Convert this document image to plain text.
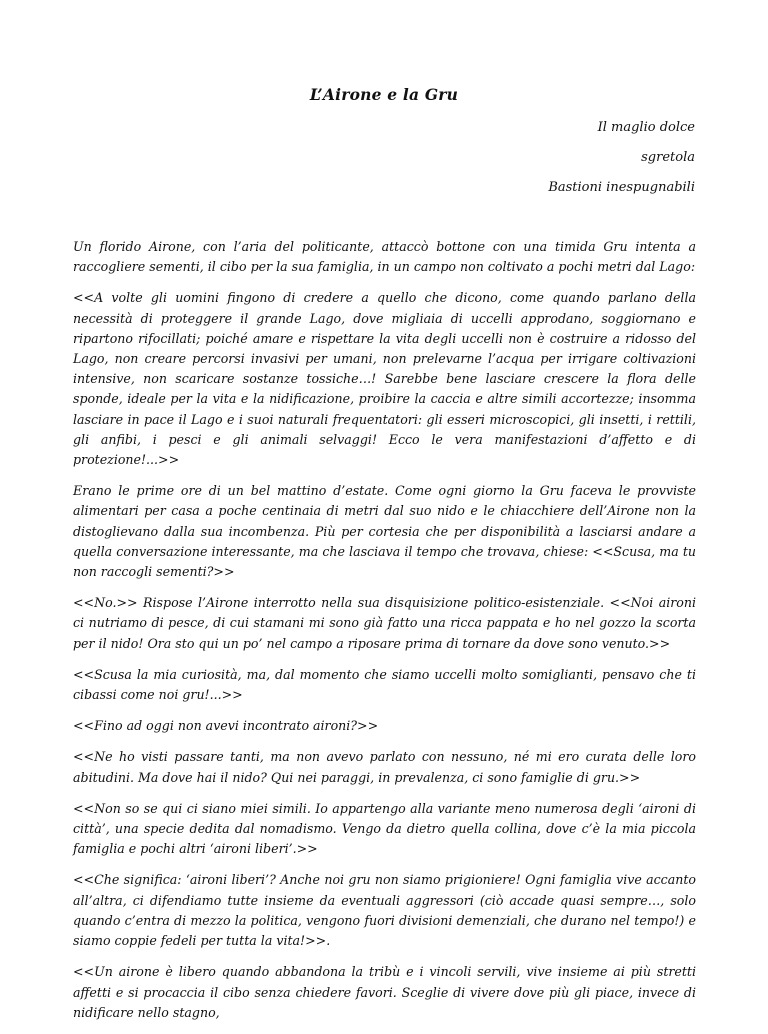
L’Airone e la Gru
Il maglio dolce
sgretola
Bastioni inespugnabili

Un florido Airone, con l’aria del politicante, attaccò bottone con una timida Gru intenta a raccogliere sementi, il cibo per la sua famiglia, in un campo non coltivato a pochi metri dal Lago:

<<A volte gli uomini fingono di credere a quello che dicono, come quando parlano della necessità di proteggere il grande Lago, dove migliaia di uccelli approdano, soggiornano e ripartono rifocillati; poiché amare e rispettare la vita degli uccelli non è costruire a ridosso del Lago, non creare percorsi invasivi per umani, non prelevarne l’acqua per irrigare coltivazioni intensive, non scaricare sostanze tossiche…! Sarebbe bene lasciare crescere la flora delle sponde, ideale per la vita e la nidificazione, proibire la caccia e altre simili accortezze; insomma lasciare in pace il Lago e i suoi naturali frequentatori: gli esseri microscopici, gli insetti, i rettili, gli anfibi, i pesci e gli animali selvaggi! Ecco le vera manifestazioni d’affetto e di protezione!...>>

Erano le prime ore di un bel mattino d’estate. Come ogni giorno la Gru faceva le provviste alimentari per casa a poche centinaia di metri dal suo nido e le chiacchiere dell’Airone non la distoglievano dalla sua incombenza. Più per cortesia che per disponibilità a lasciarsi andare a quella conversazione interessante, ma che lasciava il tempo che trovava, chiese: <<Scusa, ma tu non raccogli sementi?>>

<<No.>> Rispose l’Airone interrotto nella sua disquisizione politico-esistenziale. <<Noi aironi ci nutriamo di pesce, di cui stamani mi sono già fatto una ricca pappata e ho nel gozzo la scorta per il nido! Ora sto qui un po’ nel campo a riposare prima di tornare da dove sono venuto.>>

<<Scusa la mia curiosità, ma, dal momento che siamo uccelli molto somiglianti, pensavo che ti cibassi come noi gru!...>>

<<Fino ad oggi non avevi incontrato aironi?>>

<<Ne ho visti passare tanti, ma non avevo parlato con nessuno, né mi ero curata delle loro abitudini. Ma dove hai il nido? Qui nei paraggi, in prevalenza, ci sono famiglie di gru.>>

<<Non so se qui ci siano miei simili. Io appartengo alla variante meno numerosa degli ‘aironi di città’, una specie dedita dal nomadismo. Vengo da dietro quella collina, dove c’è la mia piccola famiglia e pochi altri ‘aironi liberi’.>>

<<Che significa: ‘aironi liberi’? Anche noi gru non siamo prigioniere! Ogni famiglia vive accanto all’altra, ci difendiamo tutte insieme da eventuali aggressori (ciò accade quasi sempre…, solo quando c’entra di mezzo la politica, vengono fuori divisioni demenziali, che durano nel tempo!) e siamo coppie fedeli per tutta la vita!>>.

<<Un airone è libero quando abbandona la tribù e i vincoli servili, vive insieme ai più stretti affetti e si procaccia il cibo senza chiedere favori. Sceglie di vivere dove più gli piace, invece di nidificare nello stagno,
